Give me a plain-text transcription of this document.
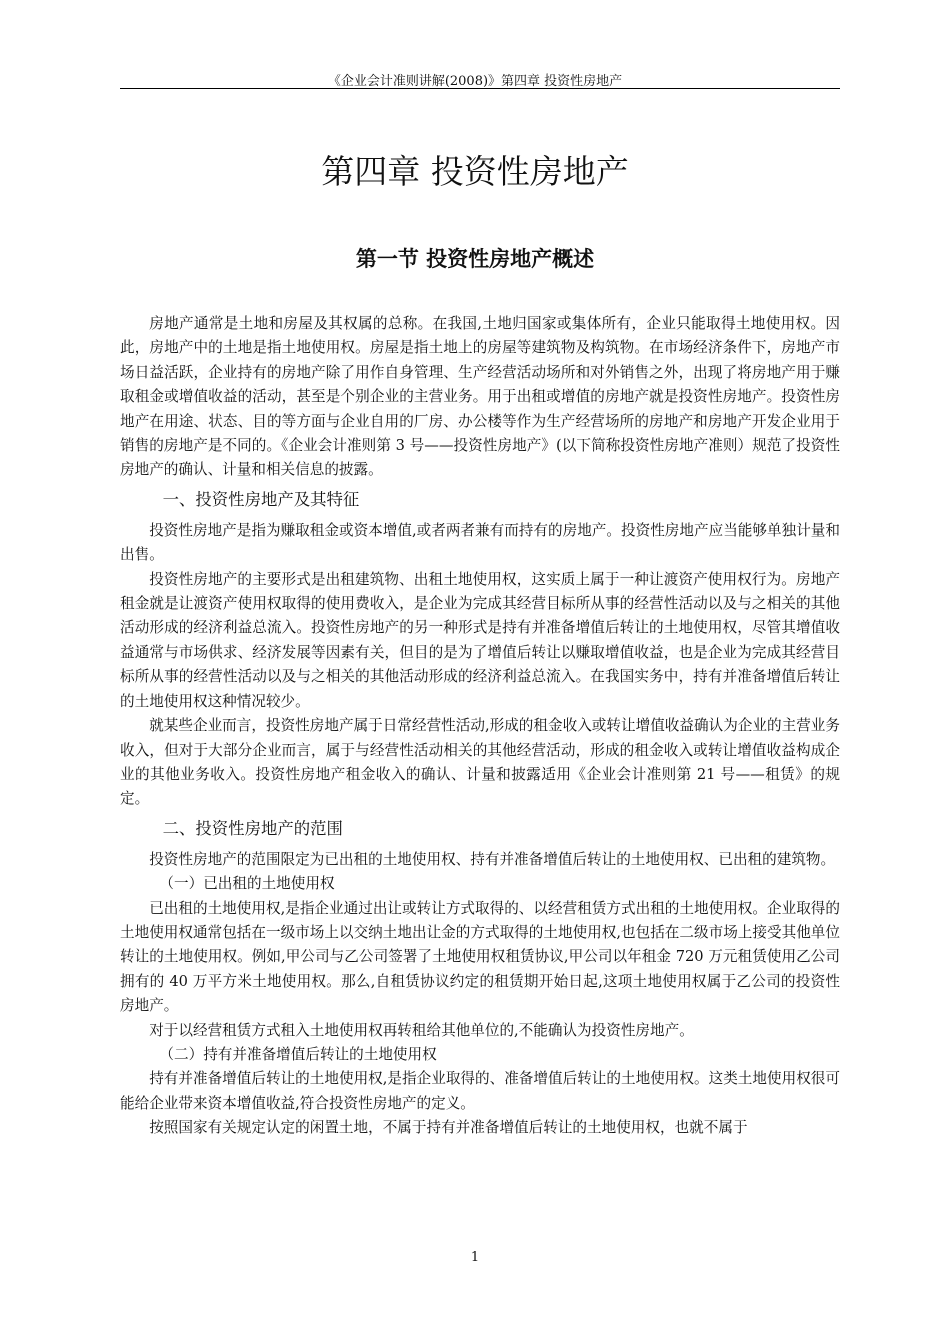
《企业会计准则讲解(2008)》第四章 投资性房地产
第四章 投资性房地产
第一节 投资性房地产概述

房地产通常是土地和房屋及其权属的总称。在我国,土地归国家或集体所有，企业只能取得土地使用权。因此，房地产中的土地是指土地使用权。房屋是指土地上的房屋等建筑物及构筑物。在市场经济条件下，房地产市场日益活跃，企业持有的房地产除了用作自身管理、生产经营活动场所和对外销售之外，出现了将房地产用于赚取租金或增值收益的活动，甚至是个别企业的主营业务。用于出租或增值的房地产就是投资性房地产。投资性房地产在用途、状态、目的等方面与企业自用的厂房、办公楼等作为生产经营场所的房地产和房地产开发企业用于销售的房地产是不同的。《企业会计准则第 3 号——投资性房地产》(以下简称投资性房地产准则）规范了投资性房地产的确认、计量和相关信息的披露。

一、投资性房地产及其特征

投资性房地产是指为赚取租金或资本增值,或者两者兼有而持有的房地产。投资性房地产应当能够单独计量和出售。

投资性房地产的主要形式是出租建筑物、出租土地使用权，这实质上属于一种让渡资产使用权行为。房地产租金就是让渡资产使用权取得的使用费收入，是企业为完成其经营目标所从事的经营性活动以及与之相关的其他活动形成的经济利益总流入。投资性房地产的另一种形式是持有并准备增值后转让的土地使用权，尽管其增值收益通常与市场供求、经济发展等因素有关，但目的是为了增值后转让以赚取增值收益，也是企业为完成其经营目标所从事的经营性活动以及与之相关的其他活动形成的经济利益总流入。在我国实务中，持有并准备增值后转让的土地使用权这种情况较少。

就某些企业而言，投资性房地产属于日常经营性活动,形成的租金收入或转让增值收益确认为企业的主营业务收入，但对于大部分企业而言，属于与经营性活动相关的其他经营活动，形成的租金收入或转让增值收益构成企业的其他业务收入。投资性房地产租金收入的确认、计量和披露适用《企业会计准则第 21 号——租赁》的规定。

二、投资性房地产的范围

投资性房地产的范围限定为已出租的土地使用权、持有并准备增值后转让的土地使用权、已出租的建筑物。

（一）已出租的土地使用权

已出租的土地使用权,是指企业通过出让或转让方式取得的、以经营租赁方式出租的土地使用权。企业取得的土地使用权通常包括在一级市场上以交纳土地出让金的方式取得的土地使用权,也包括在二级市场上接受其他单位转让的土地使用权。例如,甲公司与乙公司签署了土地使用权租赁协议,甲公司以年租金 720 万元租赁使用乙公司拥有的 40 万平方米土地使用权。那么,自租赁协议约定的租赁期开始日起,这项土地使用权属于乙公司的投资性房地产。

对于以经营租赁方式租入土地使用权再转租给其他单位的,不能确认为投资性房地产。

（二）持有并准备增值后转让的土地使用权

持有并准备增值后转让的土地使用权,是指企业取得的、准备增值后转让的土地使用权。这类土地使用权很可能给企业带来资本增值收益,符合投资性房地产的定义。

按照国家有关规定认定的闲置土地，不属于持有并准备增值后转让的土地使用权，也就不属于

1
